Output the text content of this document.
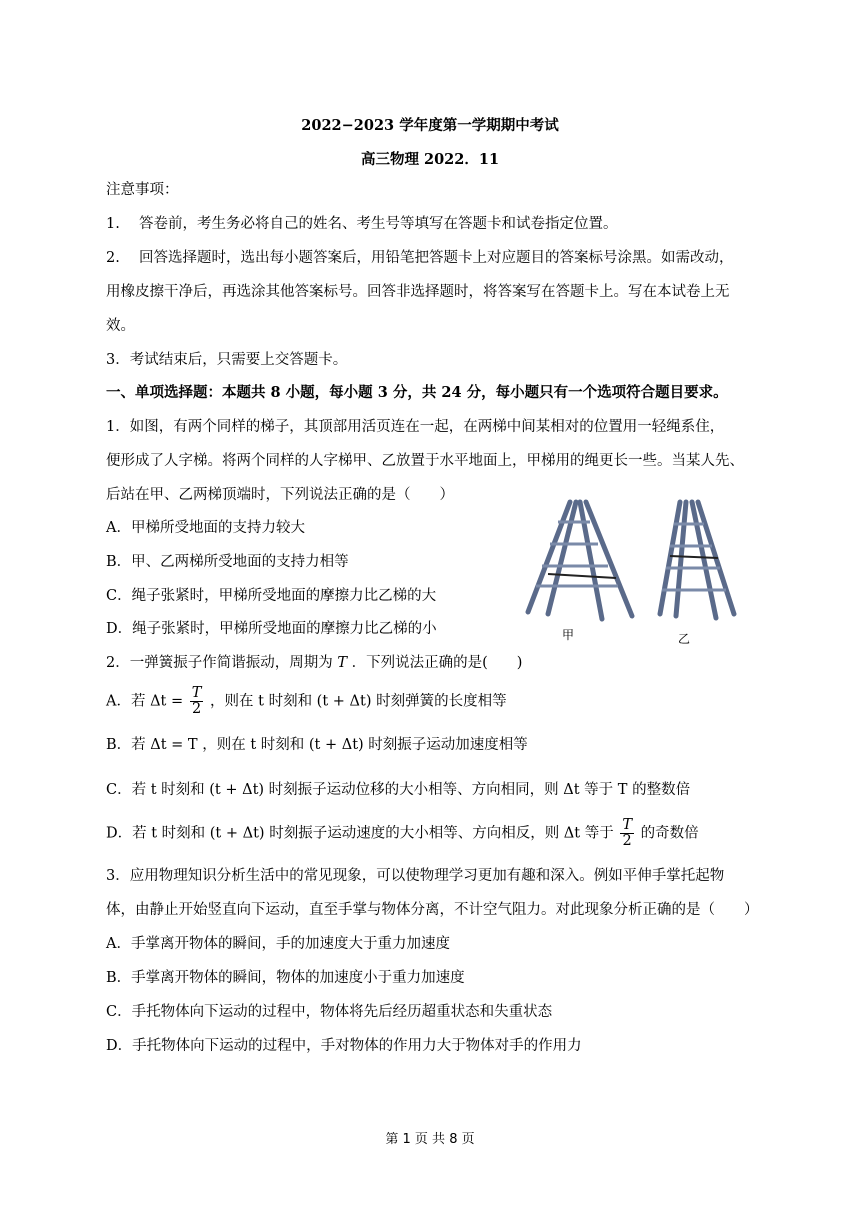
2022−2023 学年度第一学期期中考试
高三物理 2022．11
注意事项：
1.　 答卷前，考生务必将自己的姓名、考生号等填写在答题卡和试卷指定位置。
2.　 回答选择题时，选出每小题答案后，用铅笔把答题卡上对应题目的答案标号涂黑。如需改动，
用橡皮擦干净后，再选涂其他答案标号。回答非选择题时，将答案写在答题卡上。写在本试卷上无
效。
3．考试结束后，只需要上交答题卡。
一、单项选择题：本题共 8 小题，每小题 3 分，共 24 分，每小题只有一个选项符合题目要求。
1．如图，有两个同样的梯子，其顶部用活页连在一起，在两梯中间某相对的位置用一轻绳系住，
便形成了人字梯。将两个同样的人字梯甲、乙放置于水平地面上，甲梯用的绳更长一些。当某人先、
后站在甲、乙两梯顶端时，下列说法正确的是（　　）
A．甲梯所受地面的支持力较大
B．甲、乙两梯所受地面的支持力相等
C．绳子张紧时，甲梯所受地面的摩擦力比乙梯的大
D．绳子张紧时，甲梯所受地面的摩擦力比乙梯的小	甲	乙
2．一弹簧振子作简谐振动，周期为 T ．下列说法正确的是(　　)
A．若 $\Delta t = \frac{T}{2}$ ，则在 t 时刻和 (t + Δt) 时刻弹簧的长度相等
B．若 Δt = T ，则在 t 时刻和 (t + Δt) 时刻振子运动加速度相等
C．若 t 时刻和 (t + Δt) 时刻振子运动位移的大小相等、方向相同，则 Δt 等于 T 的整数倍
D．若 t 时刻和 (t + Δt) 时刻振子运动速度的大小相等、方向相反，则 Δt 等于 $\frac{T}{2}$ 的奇数倍
3．应用物理知识分析生活中的常见现象，可以使物理学习更加有趣和深入。例如平伸手掌托起物
体，由静止开始竖直向下运动，直至手掌与物体分离，不计空气阻力。对此现象分析正确的是（　　）
A．手掌离开物体的瞬间，手的加速度大于重力加速度
B．手掌离开物体的瞬间，物体的加速度小于重力加速度
C．手托物体向下运动的过程中，物体将先后经历超重状态和失重状态
D．手托物体向下运动的过程中，手对物体的作用力大于物体对手的作用力
第 1 页 共 8 页
